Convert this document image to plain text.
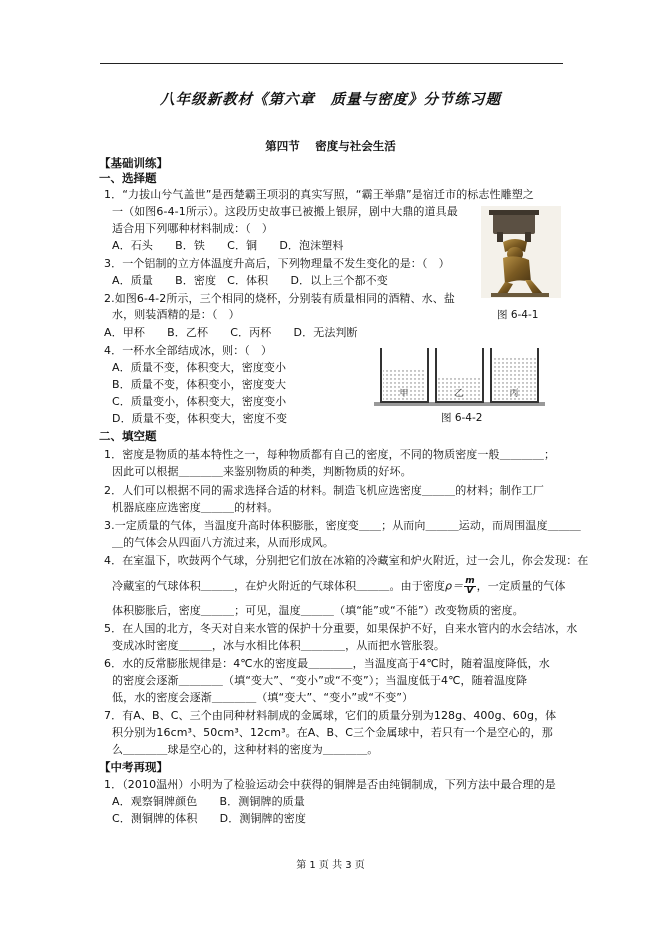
八年级新教材《第六章　质量与密度》分节练习题
第四节　 密度与社会生活
【基础训练】
一、选择题
1．“力拔山兮气盖世”是西楚霸王项羽的真实写照，“霸王举鼎”是宿迁市的标志性雕塑之
一（如图6-4-1所示）。这段历史故事已被搬上银屏，剧中大鼎的道具最
适合用下列哪种材料制成：（　）
A．石头　　B．铁　　C．铜　　D．泡沫塑料
3．一个铝制的立方体温度升高后，下列物理量不发生变化的是：（　）
A．质量　　B．密度　C．体积　　D．以上三个都不变
2.如图6-4-2所示，三个相同的烧杯，分别装有质量相同的酒精、水、盐
水，则装酒精的是：（　）
A．甲杯　　B．乙杯　　C．丙杯　　D．无法判断
图 6-4-1
4．一杯水全部结成冰，则：（　）
A．质量不变，体积变大，密度变小
B．质量不变，体积变小，密度变大
C．质量变小，体积变大，密度变小
D．质量不变，体积变大，密度不变
甲	乙	丙
图 6-4-2
二、填空题
1．密度是物质的基本特性之一，每种物质都有自己的密度，不同的物质密度一般＿＿＿＿；
因此可以根据＿＿＿＿来鉴别物质的种类，判断物质的好坏。
2．人们可以根据不同的需求选择合适的材料。制造飞机应选密度＿＿＿的材料；制作工厂
机器底座应选密度＿＿＿的材料。
3.一定质量的气体，当温度升高时体积膨胀，密度变＿＿；从而向＿＿＿运动，而周围温度＿＿＿
＿的气体会从四面八方流过来，从而形成风。
4．在室温下，吹鼓两个气球，分别把它们放在冰箱的冷藏室和炉火附近，过一会儿，你会发现：在
冷藏室的气球体积＿＿＿，在炉火附近的气球体积＿＿＿。由于密度$\rho= \frac{m}{V}$ ，一定质量的气体
体积膨胀后，密度＿＿＿；可见，温度＿＿＿（填“能”或“不能”）改变物质的密度。
5．在人国的北方，冬天对自来水管的保护十分重要，如果保护不好，自来水管内的水会结冰，水
变成冰时密度＿＿＿，冰与水相比体积＿＿＿＿，从而把水管胀裂。
6．水的反常膨胀规律是：4℃水的密度最＿＿＿＿，当温度高于4℃时，随着温度降低，水
的密度会逐渐＿＿＿＿（填“变大”、“变小”或“不变”）；当温度低于4℃，随着温度降
低，水的密度会逐渐＿＿＿＿（填“变大”、“变小”或“不变”）
7．有A、B、C、三个由同种材料制成的金属球，它们的质量分别为128g、400g、60g，体
积分别为16cm³、50cm³、12cm³。在A、B、C三个金属球中，若只有一个是空心的，那
么＿＿＿＿球是空心的，这种材料的密度为＿＿＿＿。
【中考再现】
1．（2010温州）小明为了检验运动会中获得的铜牌是否由纯铜制成，下列方法中最合理的是
A．观察铜牌颜色　　B．测铜牌的质量
C．测铜牌的体积　　D．测铜牌的密度
第 1 页 共 3 页
